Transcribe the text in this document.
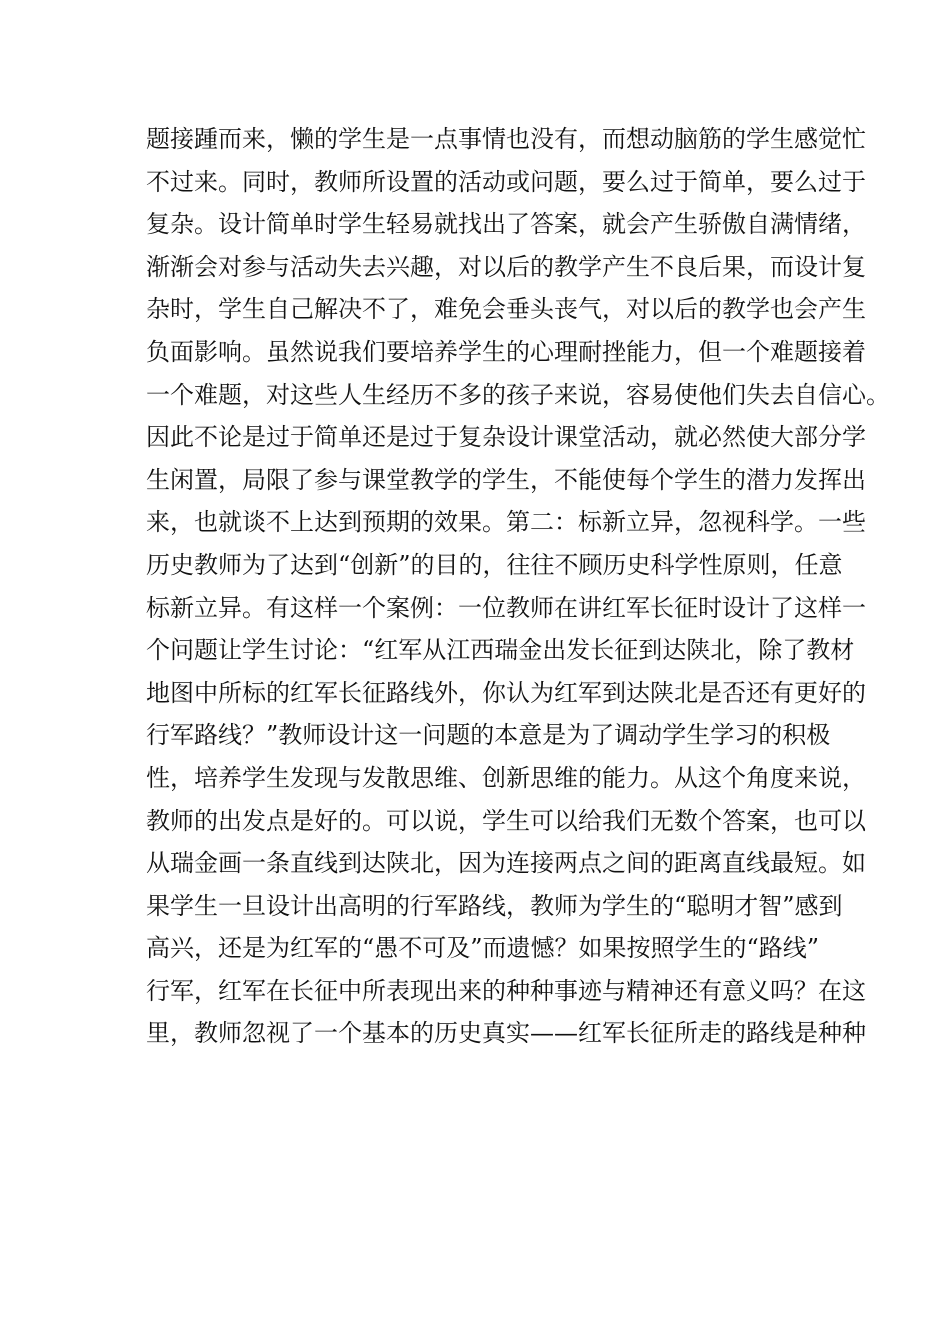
题接踵而来，懒的学生是一点事情也没有，而想动脑筋的学生感觉忙
不过来。同时，教师所设置的活动或问题，要么过于简单，要么过于
复杂。设计简单时学生轻易就找出了答案，就会产生骄傲自满情绪，
渐渐会对参与活动失去兴趣，对以后的教学产生不良后果，而设计复
杂时，学生自己解决不了，难免会垂头丧气，对以后的教学也会产生
负面影响。虽然说我们要培养学生的心理耐挫能力，但一个难题接着
一个难题，对这些人生经历不多的孩子来说，容易使他们失去自信心。
因此不论是过于简单还是过于复杂设计课堂活动，就必然使大部分学
生闲置，局限了参与课堂教学的学生，不能使每个学生的潜力发挥出
来，也就谈不上达到预期的效果。第二：标新立异，忽视科学。一些
历史教师为了达到“创新”的目的，往往不顾历史科学性原则，任意
标新立异。有这样一个案例：一位教师在讲红军长征时设计了这样一
个问题让学生讨论：“红军从江西瑞金出发长征到达陕北，除了教材
地图中所标的红军长征路线外，你认为红军到达陕北是否还有更好的
行军路线？”教师设计这一问题的本意是为了调动学生学习的积极
性，培养学生发现与发散思维、创新思维的能力。从这个角度来说，
教师的出发点是好的。可以说，学生可以给我们无数个答案，也可以
从瑞金画一条直线到达陕北，因为连接两点之间的距离直线最短。如
果学生一旦设计出高明的行军路线，教师为学生的“聪明才智”感到
高兴，还是为红军的“愚不可及”而遗憾？如果按照学生的“路线”
行军，红军在长征中所表现出来的种种事迹与精神还有意义吗？在这
里，教师忽视了一个基本的历史真实——红军长征所走的路线是种种
